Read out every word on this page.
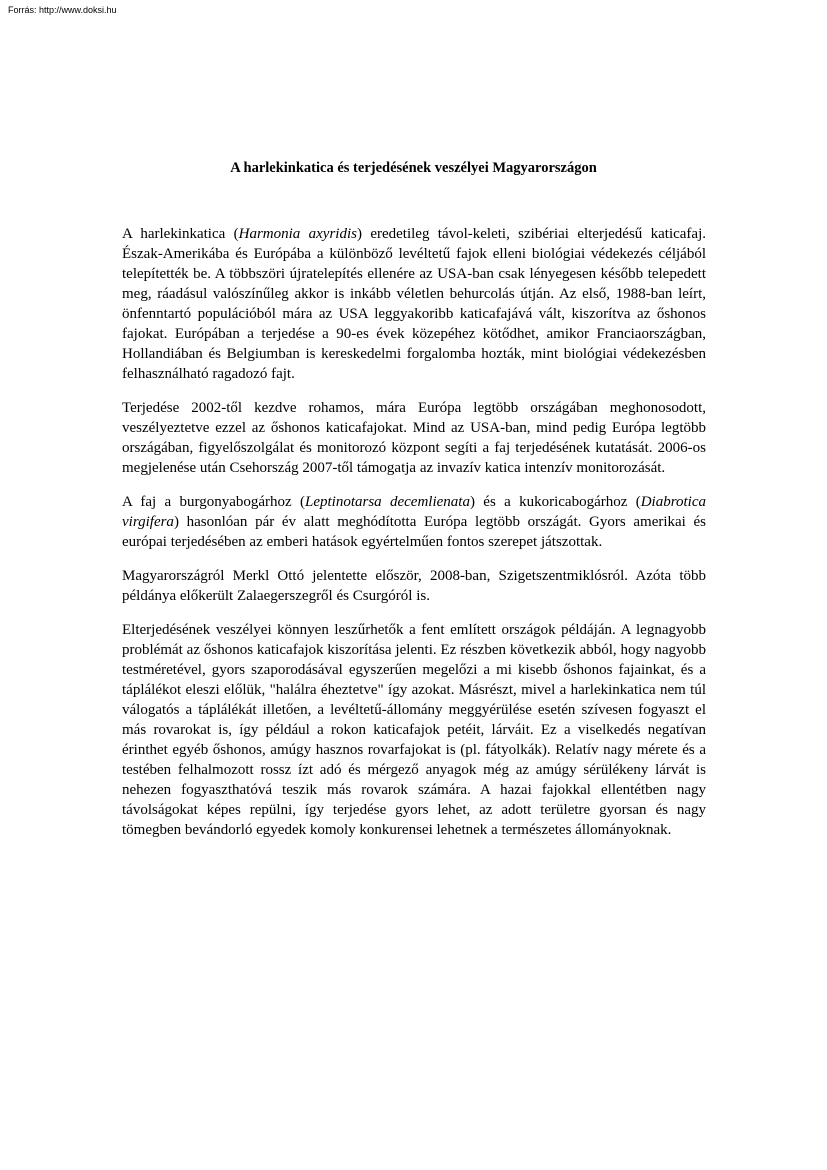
Forrás: http://www.doksi.hu
A harlekinkatica és terjedésének veszélyei Magyarországon

A harlekinkatica (Harmonia axyridis) eredetileg távol-keleti, szibériai elterjedésű katicafaj. Észak-Amerikába és Európába a különböző levéltetű fajok elleni biológiai védekezés céljából telepítették be. A többszöri újratelepítés ellenére az USA-ban csak lényegesen később telepedett meg, ráadásul valószínűleg akkor is inkább véletlen behurcolás útján. Az első, 1988-ban leírt, önfenntartó populációból mára az USA leggyakoribb katicafajává vált, kiszorítva az őshonos fajokat. Európában a terjedése a 90-es évek közepéhez kötődhet, amikor Franciaországban, Hollandiában és Belgiumban is kereskedelmi forgalomba hozták, mint biológiai védekezésben felhasználható ragadozó fajt.

Terjedése 2002-től kezdve rohamos, mára Európa legtöbb országában meghonosodott, veszélyeztetve ezzel az őshonos katicafajokat. Mind az USA-ban, mind pedig Európa legtöbb országában, figyelőszolgálat és monitorozó központ segíti a faj terjedésének kutatását. 2006-os megjelenése után Csehország 2007-től támogatja az invazív katica intenzív monitorozását.

A faj a burgonyabogárhoz (Leptinotarsa decemlienata) és a kukoricabogárhoz (Diabrotica virgifera) hasonlóan pár év alatt meghódította Európa legtöbb országát. Gyors amerikai és európai terjedésében az emberi hatások egyértelműen fontos szerepet játszottak.

Magyarországról Merkl Ottó jelentette először, 2008-ban, Szigetszentmiklósról. Azóta több példánya előkerült Zalaegerszegről és Csurgóról is.

Elterjedésének veszélyei könnyen leszűrhetők a fent említett országok példáján. A legnagyobb problémát az őshonos katicafajok kiszorítása jelenti. Ez részben következik abból, hogy nagyobb testméretével, gyors szaporodásával egyszerűen megelőzi a mi kisebb őshonos fajainkat, és a táplálékot eleszi előlük, "halálra éheztetve" így azokat. Másrészt, mivel a harlekinkatica nem túl válogatós a táplálékát illetően, a levéltetű-állomány meggyérülése esetén szívesen fogyaszt el más rovarokat is, így például a rokon katicafajok petéit, lárváit. Ez a viselkedés negatívan érinthet egyéb őshonos, amúgy hasznos rovarfajokat is (pl. fátyolkák). Relatív nagy mérete és a testében felhalmozott rossz ízt adó és mérgező anyagok még az amúgy sérülékeny lárvát is nehezen fogyaszthatóvá teszik más rovarok számára. A hazai fajokkal ellentétben nagy távolságokat képes repülni, így terjedése gyors lehet, az adott területre gyorsan és nagy tömegben bevándorló egyedek komoly konkurensei lehetnek a természetes állományoknak.
